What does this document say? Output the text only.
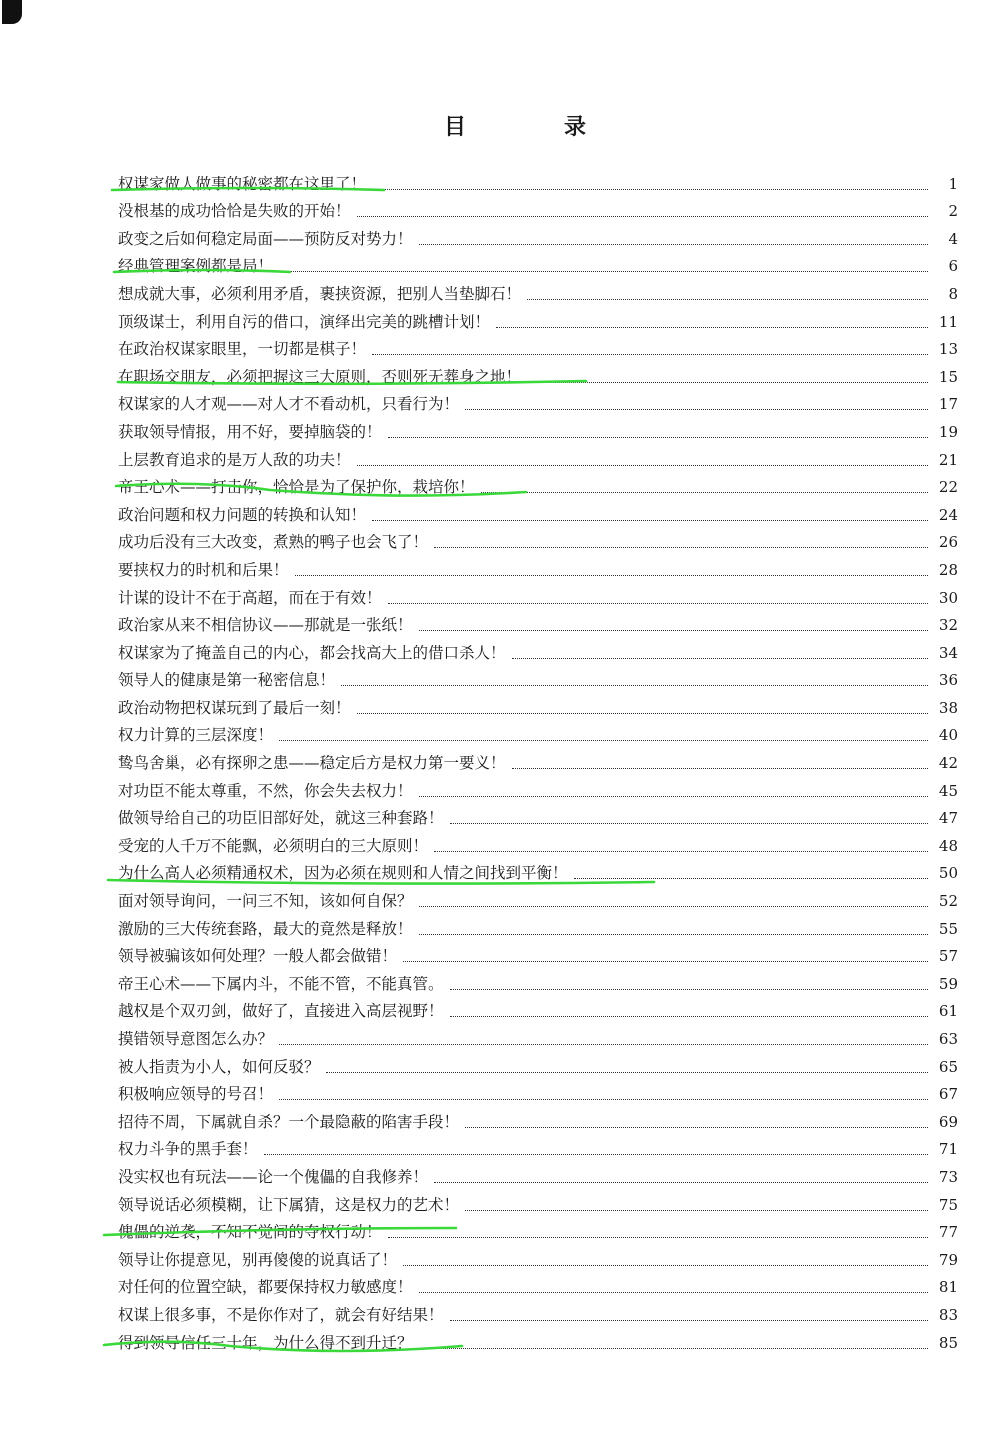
目　录
权谋家做人做事的秘密都在这里了！	1
没根基的成功恰恰是失败的开始！	2
政变之后如何稳定局面——预防反对势力！	4
经典管理案例都是局！	6
想成就大事，必须利用矛盾，裹挟资源，把别人当垫脚石！	8
顶级谋士，利用自污的借口，演绎出完美的跳槽计划！	11
在政治权谋家眼里，一切都是棋子！	13
在职场交朋友，必须把握这三大原则，否则死无葬身之地！	15
权谋家的人才观——对人才不看动机，只看行为！	17
获取领导情报，用不好，要掉脑袋的！	19
上层教育追求的是万人敌的功夫！	21
帝王心术——打击你，恰恰是为了保护你，栽培你！	22
政治问题和权力问题的转换和认知！	24
成功后没有三大改变，煮熟的鸭子也会飞了！	26
要挟权力的时机和后果！	28
计谋的设计不在于高超，而在于有效！	30
政治家从来不相信协议——那就是一张纸！	32
权谋家为了掩盖自己的内心，都会找高大上的借口杀人！	34
领导人的健康是第一秘密信息！	36
政治动物把权谋玩到了最后一刻！	38
权力计算的三层深度！	40
鸷鸟舍巢，必有探卵之患——稳定后方是权力第一要义！	42
对功臣不能太尊重，不然，你会失去权力！	45
做领导给自己的功臣旧部好处，就这三种套路！	47
受宠的人千万不能飘，必须明白的三大原则！	48
为什么高人必须精通权术，因为必须在规则和人情之间找到平衡！	50
面对领导询问，一问三不知，该如何自保？	52
激励的三大传统套路，最大的竟然是释放！	55
领导被骗该如何处理？一般人都会做错！	57
帝王心术——下属内斗，不能不管，不能真管。	59
越权是个双刃剑，做好了，直接进入高层视野！	61
摸错领导意图怎么办？	63
被人指责为小人，如何反驳？	65
积极响应领导的号召！	67
招待不周，下属就自杀？一个最隐蔽的陷害手段！	69
权力斗争的黑手套！	71
没实权也有玩法——论一个傀儡的自我修养！	73
领导说话必须模糊，让下属猜，这是权力的艺术！	75
傀儡的逆袭，不知不觉间的夺权行动！	77
领导让你提意见，别再傻傻的说真话了！	79
对任何的位置空缺，都要保持权力敏感度！	81
权谋上很多事，不是你作对了，就会有好结果！	83
得到领导信任三十年，为什么得不到升迁？	85
